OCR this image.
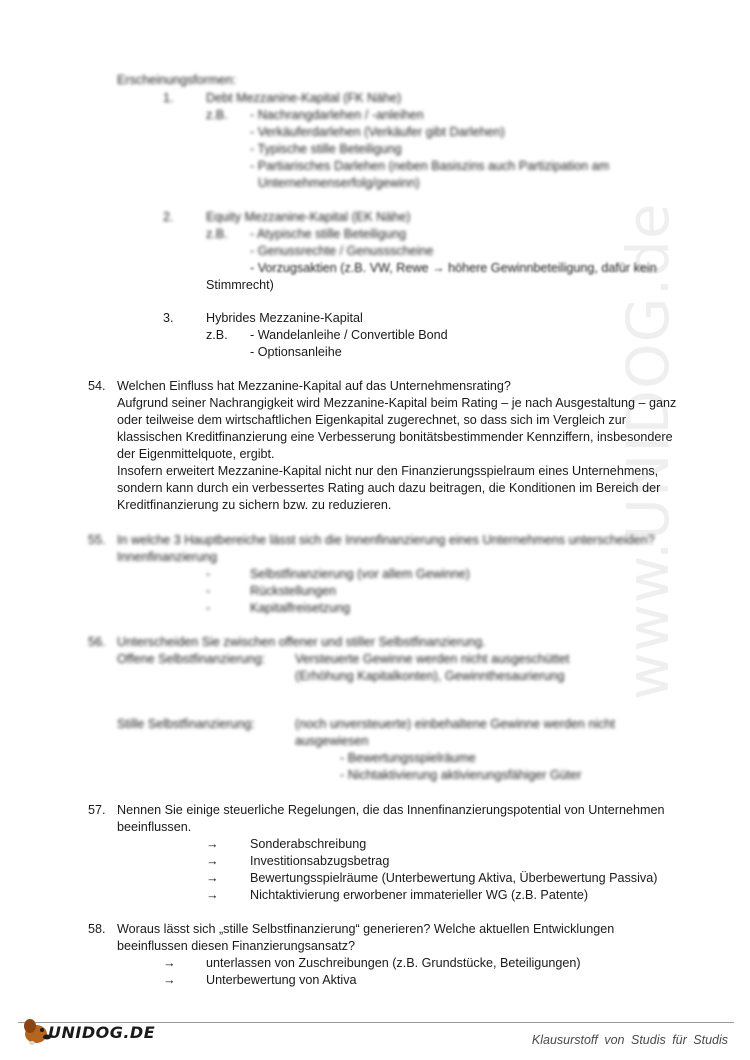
www.UNIDOG.de
Erscheinungsformen:
1.	Debt Mezzanine-Kapital (FK Nähe)
z.B. - Nachrangdarlehen / -anleihen
- Verkäuferdarlehen (Verkäufer gibt Darlehen)
- Typische stille Beteiligung
- Partiarisches Darlehen (neben Basiszins auch Partizipation am
Unternehmenserfolg/gewinn)
2.	Equity Mezzanine-Kapital (EK Nähe)
z.B. - Atypische stille Beteiligung
- Genussrechte / Genussscheine
- Vorzugsaktien (z.B. VW, Rewe → höhere Gewinnbeteiligung, dafür kein
Stimmrecht)
3.	Hybrides Mezzanine-Kapital
z.B. - Wandelanleihe / Convertible Bond
- Optionsanleihe
54. Welchen Einfluss hat Mezzanine-Kapital auf das Unternehmensrating?
Aufgrund seiner Nachrangigkeit wird Mezzanine-Kapital beim Rating – je nach Ausgestaltung – ganz
oder teilweise dem wirtschaftlichen Eigenkapital zugerechnet, so dass sich im Vergleich zur
klassischen Kreditfinanzierung eine Verbesserung bonitätsbestimmender Kennziffern, insbesondere
der Eigenmittelquote, ergibt.
Insofern erweitert Mezzanine-Kapital nicht nur den Finanzierungsspielraum eines Unternehmens,
sondern kann durch ein verbessertes Rating auch dazu beitragen, die Konditionen im Bereich der
Kreditfinanzierung zu sichern bzw. zu reduzieren.
55. In welche 3 Hauptbereiche lässt sich die Innenfinanzierung eines Unternehmens unterscheiden?
Innenfinanzierung
-	Selbstfinanzierung (vor allem Gewinne)
-	Rückstellungen
-	Kapitalfreisetzung
56. Unterscheiden Sie zwischen offener und stiller Selbstfinanzierung.
Offene Selbstfinanzierung: Versteuerte Gewinne werden nicht ausgeschüttet
(Erhöhung Kapitalkonten), Gewinnthesaurierung
Stille Selbstfinanzierung:	(noch unversteuerte) einbehaltene Gewinne werden nicht
ausgewiesen
- Bewertungsspielräume
- Nichtaktivierung aktivierungsfähiger Güter
57. Nennen Sie einige steuerliche Regelungen, die das Innenfinanzierungspotential von Unternehmen
beeinflussen.
→ Sonderabschreibung
→ Investitionsabzugsbetrag
→ Bewertungsspielräume (Unterbewertung Aktiva, Überbewertung Passiva)
→ Nichtaktivierung erworbener immaterieller WG (z.B. Patente)
58. Woraus lässt sich „stille Selbstfinanzierung“ generieren? Welche aktuellen Entwicklungen
beeinflussen diesen Finanzierungsansatz?
→ unterlassen von Zuschreibungen (z.B. Grundstücke, Beteiligungen)
→ Unterbewertung von Aktiva
UNIDOG.DE	Klausurstoff von Studis für Studis
